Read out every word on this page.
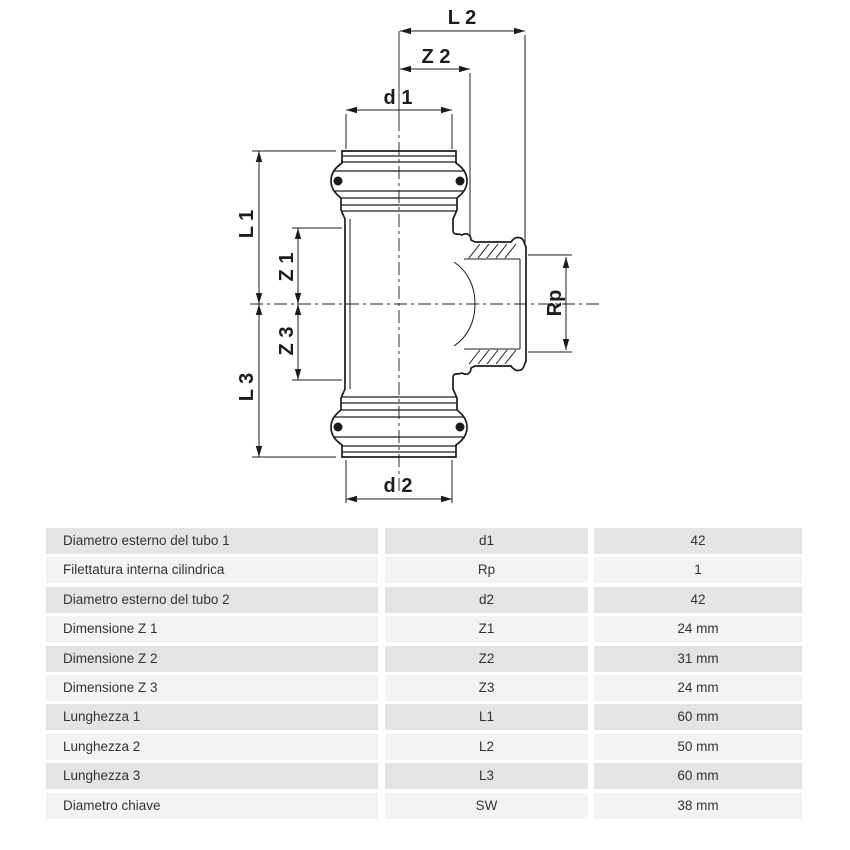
L 2
Z 2
d 1
d 2
L 1
Z 1
Z 3
L 3
Rp
Diametro esterno del tubo 1	d1	42
Filettatura interna cilindrica	Rp	1
Diametro esterno del tubo 2	d2	42
Dimensione Z 1	Z1	24 mm
Dimensione Z 2	Z2	31 mm
Dimensione Z 3	Z3	24 mm
Lunghezza 1	L1	60 mm
Lunghezza 2	L2	50 mm
Lunghezza 3	L3	60 mm
Diametro chiave	SW	38 mm
